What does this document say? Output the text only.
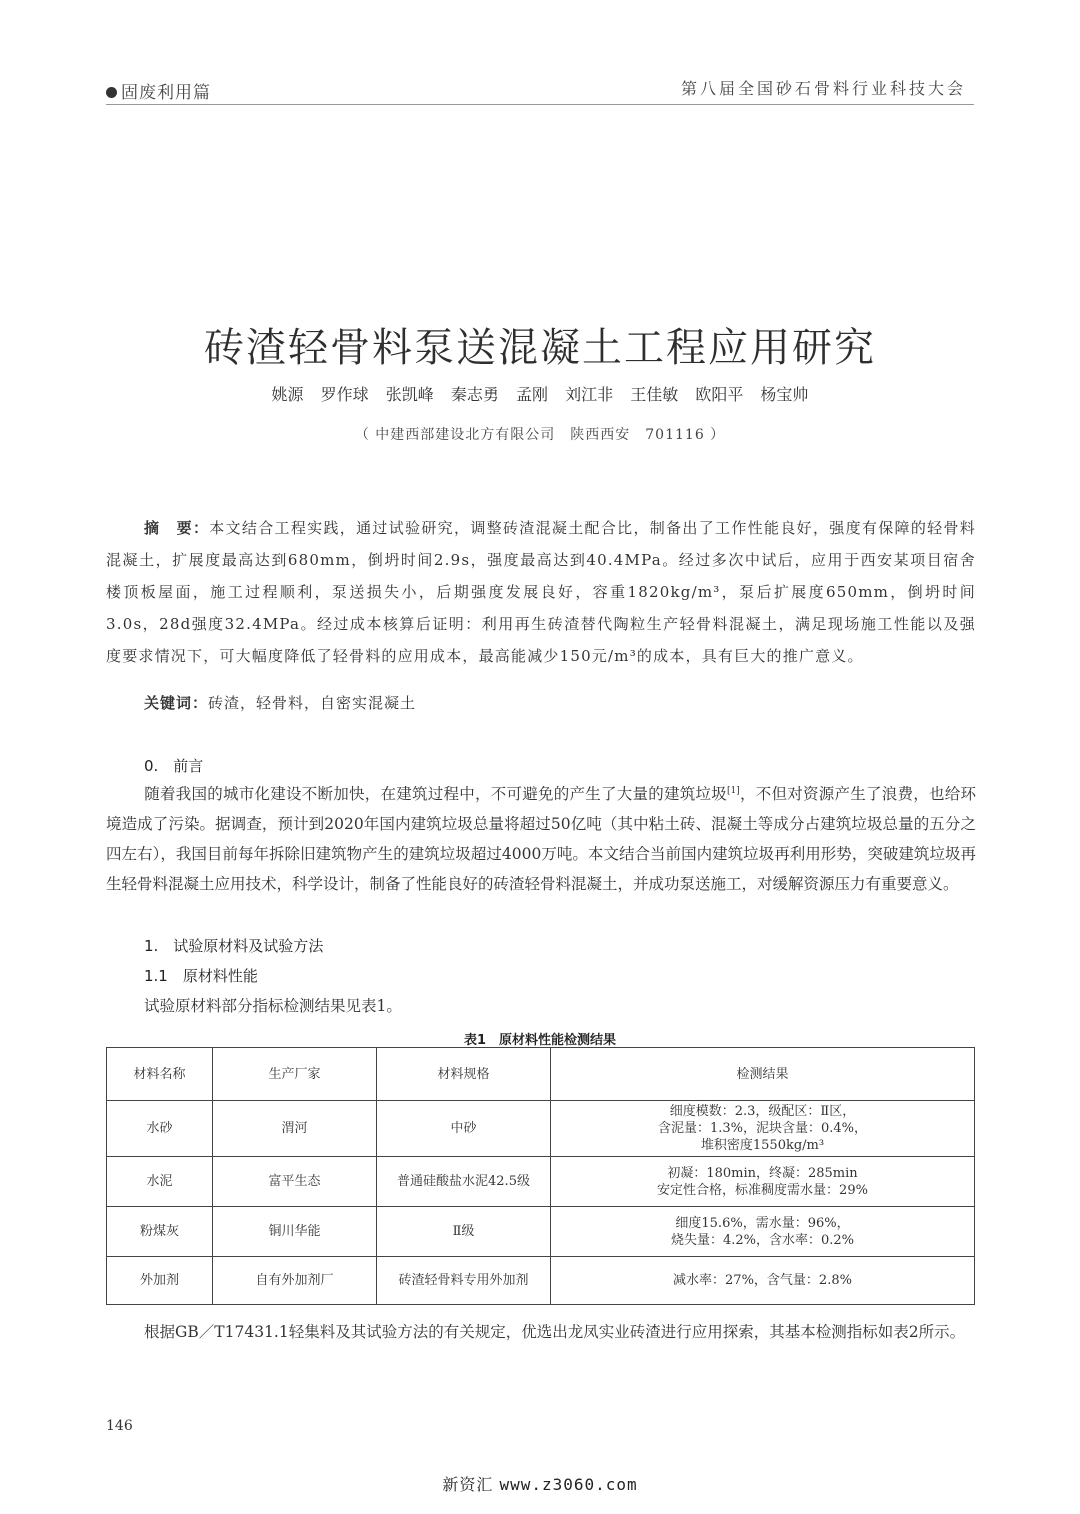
固废利用篇	第八届全国砂石骨料行业科技大会
砖渣轻骨料泵送混凝土工程应用研究
姚源 罗作球 张凯峰 秦志勇 孟刚 刘江非 王佳敏 欧阳平 杨宝帅
（ 中建西部建设北方有限公司　陕西西安　701116 ）
摘　要：本文结合工程实践，通过试验研究，调整砖渣混凝土配合比，制备出了工作性能良好，强度有保障的轻骨料混凝土，扩展度最高达到680mm，倒坍时间2.9s，强度最高达到40.4MPa。经过多次中试后，应用于西安某项目宿舍楼顶板屋面，施工过程顺利，泵送损失小，后期强度发展良好，容重1820kg/m³，泵后扩展度650mm，倒坍时间3.0s，28d强度32.4MPa。经过成本核算后证明：利用再生砖渣替代陶粒生产轻骨料混凝土，满足现场施工性能以及强度要求情况下，可大幅度降低了轻骨料的应用成本，最高能减少150元/m³的成本，具有巨大的推广意义。
关键词：砖渣，轻骨料，自密实混凝土
0.　前言
随着我国的城市化建设不断加快，在建筑过程中，不可避免的产生了大量的建筑垃圾[1]，不但对资源产生了浪费，也给环境造成了污染。据调查，预计到2020年国内建筑垃圾总量将超过50亿吨（其中粘土砖、混凝土等成分占建筑垃圾总量的五分之四左右），我国目前每年拆除旧建筑物产生的建筑垃圾超过4000万吨。本文结合当前国内建筑垃圾再利用形势，突破建筑垃圾再生轻骨料混凝土应用技术，科学设计，制备了性能良好的砖渣轻骨料混凝土，并成功泵送施工，对缓解资源压力有重要意义。
1.　试验原材料及试验方法
1.1　原材料性能
试验原材料部分指标检测结果见表1。
表1　原材料性能检测结果
材料名称	生产厂家	材料规格	检测结果
水砂	渭河	中砂	细度模数：2.3，级配区：Ⅱ区，
含泥量：1.3%，泥块含量：0.4%，
堆积密度1550kg/m³

水泥	富平生态	普通硅酸盐水泥42.5级	初凝：180min，终凝：285min
安定性合格，标准稠度需水量：29%

粉煤灰	铜川华能	Ⅱ级	细度15.6%，需水量：96%，
烧失量：4.2%，含水率：0.2%

外加剂	自有外加剂厂	砖渣轻骨料专用外加剂	减水率：27%，含气量：2.8%
根据GB／T17431.1轻集料及其试验方法的有关规定，优选出龙凤实业砖渣进行应用探索，其基本检测指标如表2所示。
146
新资汇 www.z3060.com
